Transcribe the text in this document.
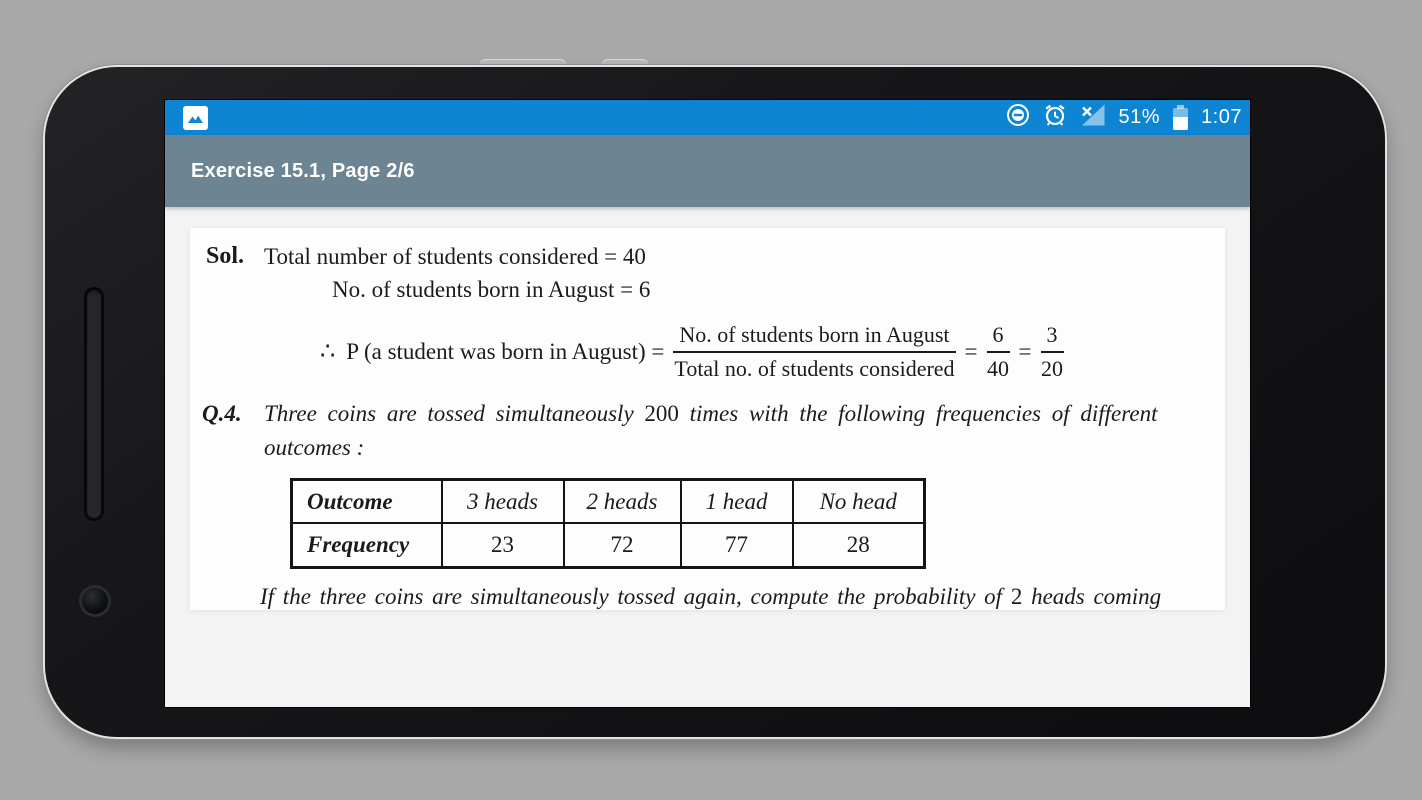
51% 1:07
Exercise 15.1, Page 2/6
Sol. Total number of students considered = 40
No. of students born in August = 6
∴ P (a student was born in August) = $\frac{\text{No. of students born in August}}{\text{Total no. of students considered}} = \frac{6}{40} = \frac{3}{20}$
Q.4. Three coins are tossed simultaneously 200 times with the following frequencies of different
outcomes :
Outcome	3 heads	2 heads	1 head	No head
Frequency	23	72	77	28
If the three coins are simultaneously tossed again, compute the probability of 2 heads coming
